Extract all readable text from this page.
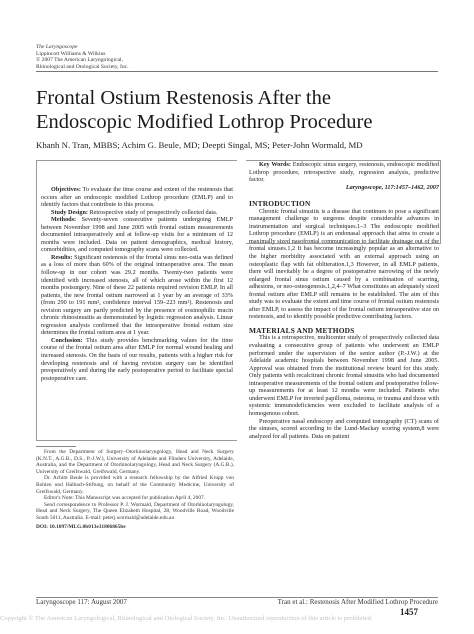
The Laryngoscope
Lippincott Williams & Wilkins
© 2007 The American Laryngological,
Rhinological and Otological Society, Inc.
Frontal Ostium Restenosis After the
Endoscopic Modified Lothrop Procedure
Khanh N. Tran, MBBS; Achim G. Beule, MD; Deepti Singal, MS; Peter-John Wormald, MD

Objectives: To evaluate the time course and extent of the restenosis that occurs after an endoscopic modified Lothrop procedure (EMLP) and to identify factors that contribute to this process.

Study Design: Retrospective study of prospectively collected data.

Methods: Seventy-seven consecutive patients undergoing EMLP between November 1998 and June 2005 with frontal ostium measurements documented intraoperatively and at follow-up visits for a minimum of 12 months were included. Data on patient demographics, medical history, comorbidities, and computed tomography scans were collected.

Results: Significant restenosis of the frontal sinus neo-ostia was defined as a loss of more than 60% of the original intraoperative area. The mean follow-up in our cohort was 29.2 months. Twenty-two patients were identified with increased stenosis, all of which arose within the first 12 months postsurgery. Nine of these 22 patients required revision EMLP. In all patients, the new frontal ostium narrowed at 1 year by an average of 33% (from 290 to 191 mm², confidence interval 159–223 mm²). Restenosis and revision surgery are partly predicted by the presence of eosinophilic mucin chronic rhinosinusitis as demonstrated by logistic regression analysis. Linear regression analysis confirmed that the intraoperative frontal ostium size determines the frontal ostium area at 1 year.

Conclusion: This study provides benchmarking values for the time course of the frontal ostium area after EMLP for normal wound healing and increased stenosis. On the basis of our results, patients with a higher risk for developing restenosis and of having revision surgery can be identified preoperatively and during the early postoperative period to facilitate special postoperative care.

Key Words: Endoscopic sinus surgery, restenosis, endoscopic modified Lothrop procedure, retrospective study, regression analysis, predictive factor.

Laryngoscope, 117:1457–1462, 2007
INTRODUCTION

Chronic frontal sinusitis is a disease that continues to pose a significant management challenge to surgeons despite considerable advances in instrumentation and surgical techniques.1–3 The endoscopic modified Lothrop procedure (EMLP) is an endonasal approach that aims to create a maximally sized nasofrontal communication to facilitate drainage out of the frontal sinuses.1,2 It has become increasingly popular as an alternative to the higher morbidity associated with an external approach using an osteoplastic flap with fat obliteration.1,3 However, in all EMLP patients, there will inevitably be a degree of postoperative narrowing of the newly enlarged frontal sinus ostium caused by a combination of scarring, adhesions, or neo-osteogenesis.1,2,4–7 What constitutes an adequately sized frontal ostium after EMLP still remains to be established. The aim of this study was to evaluate the extent and time course of frontal ostium restenosis after EMLP, to assess the impact of the frontal ostium intraoperative size on restenosis, and to identify possible predictive contributing factors.

MATERIALS AND METHODS

This is a retrospective, multicenter study of prospectively collected data evaluating a consecutive group of patients who underwent an EMLP performed under the supervision of the senior author (P.-J.W.) at the Adelaide academic hospitals between November 1998 and June 2005. Approval was obtained from the institutional review board for this study. Only patients with recalcitrant chronic frontal sinusitis who had documented intraoperative measurements of the frontal ostium and postoperative follow-up measurements for at least 12 months were included. Patients who underwent EMLP for inverted papilloma, osteoma, or trauma and those with systemic immunodeficiencies were excluded to facilitate analysis of a homogenous cohort.

Preoperative nasal endoscopy and computed tomography (CT) scans of the sinuses, scored according to the Lund-Mackay scoring system,8 were analyzed for all patients. Data on patient

From the Department of Surgery–Otorhinolaryngology, Head and Neck Surgery (K.N.T., A.G.B., D.S., P.-J.W.), University of Adelaide and Flinders University, Adelaide, Australia, and the Department of Otorhinolaryngology, Head and Neck Surgery (A.G.B.), University of Greifswald, Greifswald, Germany.

Dr. Achim Beule is provided with a research fellowship by the Alfried Krupp von Bohlen und Halbach-Stiftung, on behalf of the Community Medicine, University of Greifswald, Germany.

Editor's Note: This Manuscript was accepted for publication April 4, 2007.

Send correspondence to Professor P. J. Wormald, Department of Otorhinolaryngology, Head and Neck Surgery, The Queen Elizabeth Hospital, 28, Woodville Road, Woodville South 5011, Australia. E-mail: peterj.wormald@adelaide.edu.au

DOI: 10.1097/MLG.0b013e31806865be

Laryngoscope 117: August 2007	Tran et al.: Restenosis After Modified Lothrop Procedure
1457
Copyright © The American Laryngological, Rhinological and Otological Society, Inc. Unauthorized reproduction of this article is prohibited.
